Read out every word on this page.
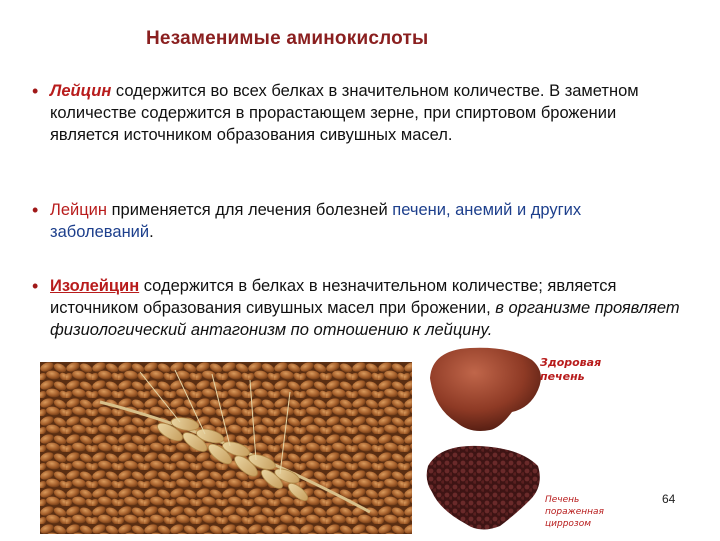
Незаменимые аминокислоты
• Лейцин содержится во всех белках в значительном количестве. В заметном количестве содержится в прорастающем зерне, при спиртовом брожении является источником образования сивушных масел.
• Лейцин применяется для лечения болезней печени, анемий и других заболеваний.
• Изолейцин содержится в белках в незначительном количестве; является источником образования сивушных масел при брожении, в организме проявляет физиологический антагонизм по отношению к лейцину.
Здоровая печень
Печень пораженная циррозом
64
